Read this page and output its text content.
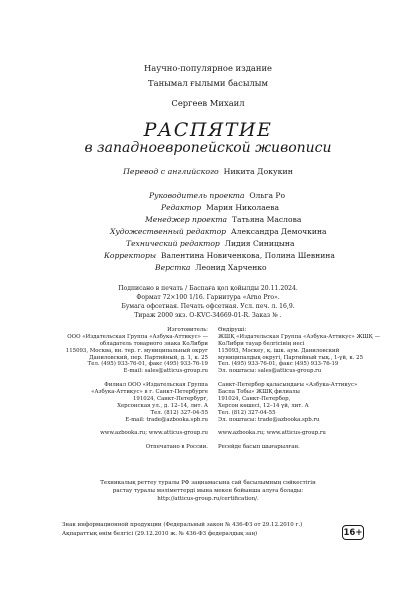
Научно-популярное издание
Танымал ғылыми басылым
Сергеев Михаил
РАСПЯТИЕ
в западноевропейской живописи
Перевод с английского Никита Докукин
Руководитель проекта Ольга Ро
Редактор Мария Николаева
Менеджер проекта Татьяна Маслова
Художественный редактор Александра Демочкина
Технический редактор Лидия Синицына
Корректоры Валентина Новиченкова, Полина Шевнина
Верстка Леонид Харченко
Подписано в печать / Баспаға қол қойылды 20.11.2024.
Формат 72×100 1/16. Гарнитура «Arno Pro».
Бумага офсетная. Печать офсетная. Усл. печ. л. 16,9.
Тираж 2000 экз. O-KVC-34669-01-R. Заказ № .
Изготовитель:
ООО «Издательская Группа «Азбука-Аттикус» —
обладатель товарного знака КоЛибри
115093, Москва, вн. тер. г. муниципальный округ
Даниловский, пер. Партийный, д. 1, к. 25
Тел. (495) 933-76-01, факс (495) 933-76-19
E-mail: sales@atticus-group.ru
Филиал ООО «Издательская Группа
«Азбука-Аттикус» в г. Санкт-Петербурге
191024, Санкт-Петербург,
Херсонская ул., д. 12–14, лит. А
Тел. (812) 327-04-55
E-mail: trade@azbooka.spb.ru
www.azbooka.ru; www.atticus-group.ru
Отпечатано в России.
Өндіруші:
ЖШҚ «Издательская Группа «Азбука-Аттикус» ЖШҚ —
КоЛибри тауар белгісінің иесі
115093, Мәскеу, қ. ішк. аум. Даниловский
муниципалдық округі, Партийный тық., 1-үй, к. 25
Тел. (495) 933-76-01, факс (495) 933-76-19
Эл. поштасы: sales@atticus-group.ru
Санкт-Петербор қаласындағы «Азбука-Аттикус»
Баспа Тобы» ЖШҚ филиалы
191024, Санкт-Петербор,
Херсон көшесі, 12–14 үй, лит. А
Тел. (812) 327-04-55
Эл. поштасы: trade@azbooka.spb.ru
www.azbooka.ru; www.atticus-group.ru
Ресейде басып шығарылған.
Техникалық реттеу туралы РФ заңнамасына сай басылымның сәйкестігін
растау туралы мәліметтерді мына мекен бойынша алуға болады:
http://atticus-group.ru/certification/.
Знак информационной продукции (Федеральный закон № 436-ФЗ от 29.12.2010 г.)
Ақпараттық өнім белгісі (29.12.2010 ж. № 436-ФЗ федералдық заң)	16+
